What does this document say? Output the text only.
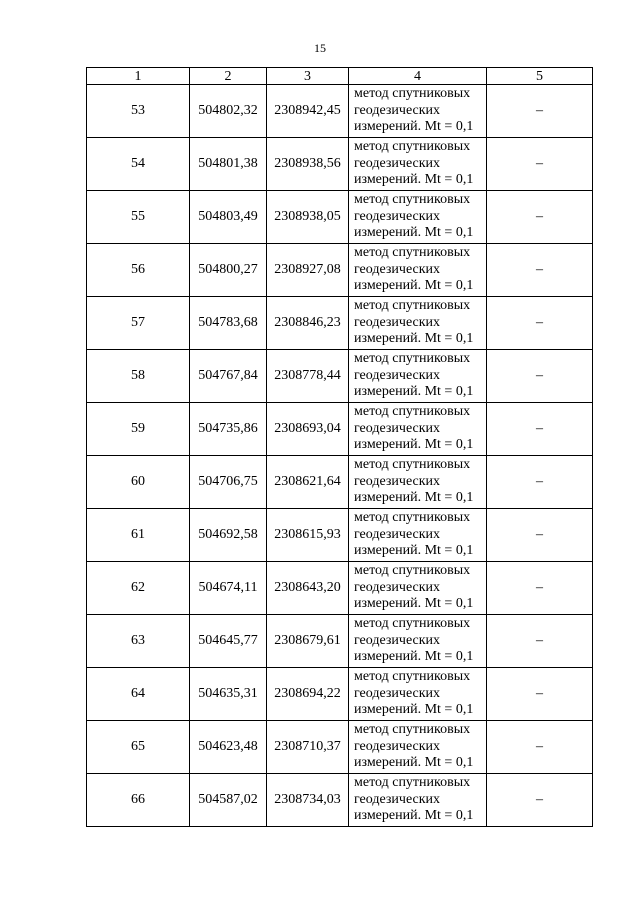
15
1	2	3	4	5
53	504802,32	2308942,45	метод спутниковых
геодезических
измерений. Mt = 0,1	–
54	504801,38	2308938,56	метод спутниковых
геодезических
измерений. Mt = 0,1	–
55	504803,49	2308938,05	метод спутниковых
геодезических
измерений. Mt = 0,1	–
56	504800,27	2308927,08	метод спутниковых
геодезических
измерений. Mt = 0,1	–
57	504783,68	2308846,23	метод спутниковых
геодезических
измерений. Mt = 0,1	–
58	504767,84	2308778,44	метод спутниковых
геодезических
измерений. Mt = 0,1	–
59	504735,86	2308693,04	метод спутниковых
геодезических
измерений. Mt = 0,1	–
60	504706,75	2308621,64	метод спутниковых
геодезических
измерений. Mt = 0,1	–
61	504692,58	2308615,93	метод спутниковых
геодезических
измерений. Mt = 0,1	–
62	504674,11	2308643,20	метод спутниковых
геодезических
измерений. Mt = 0,1	–
63	504645,77	2308679,61	метод спутниковых
геодезических
измерений. Mt = 0,1	–
64	504635,31	2308694,22	метод спутниковых
геодезических
измерений. Mt = 0,1	–
65	504623,48	2308710,37	метод спутниковых
геодезических
измерений. Mt = 0,1	–
66	504587,02	2308734,03	метод спутниковых
геодезических
измерений. Mt = 0,1	–
